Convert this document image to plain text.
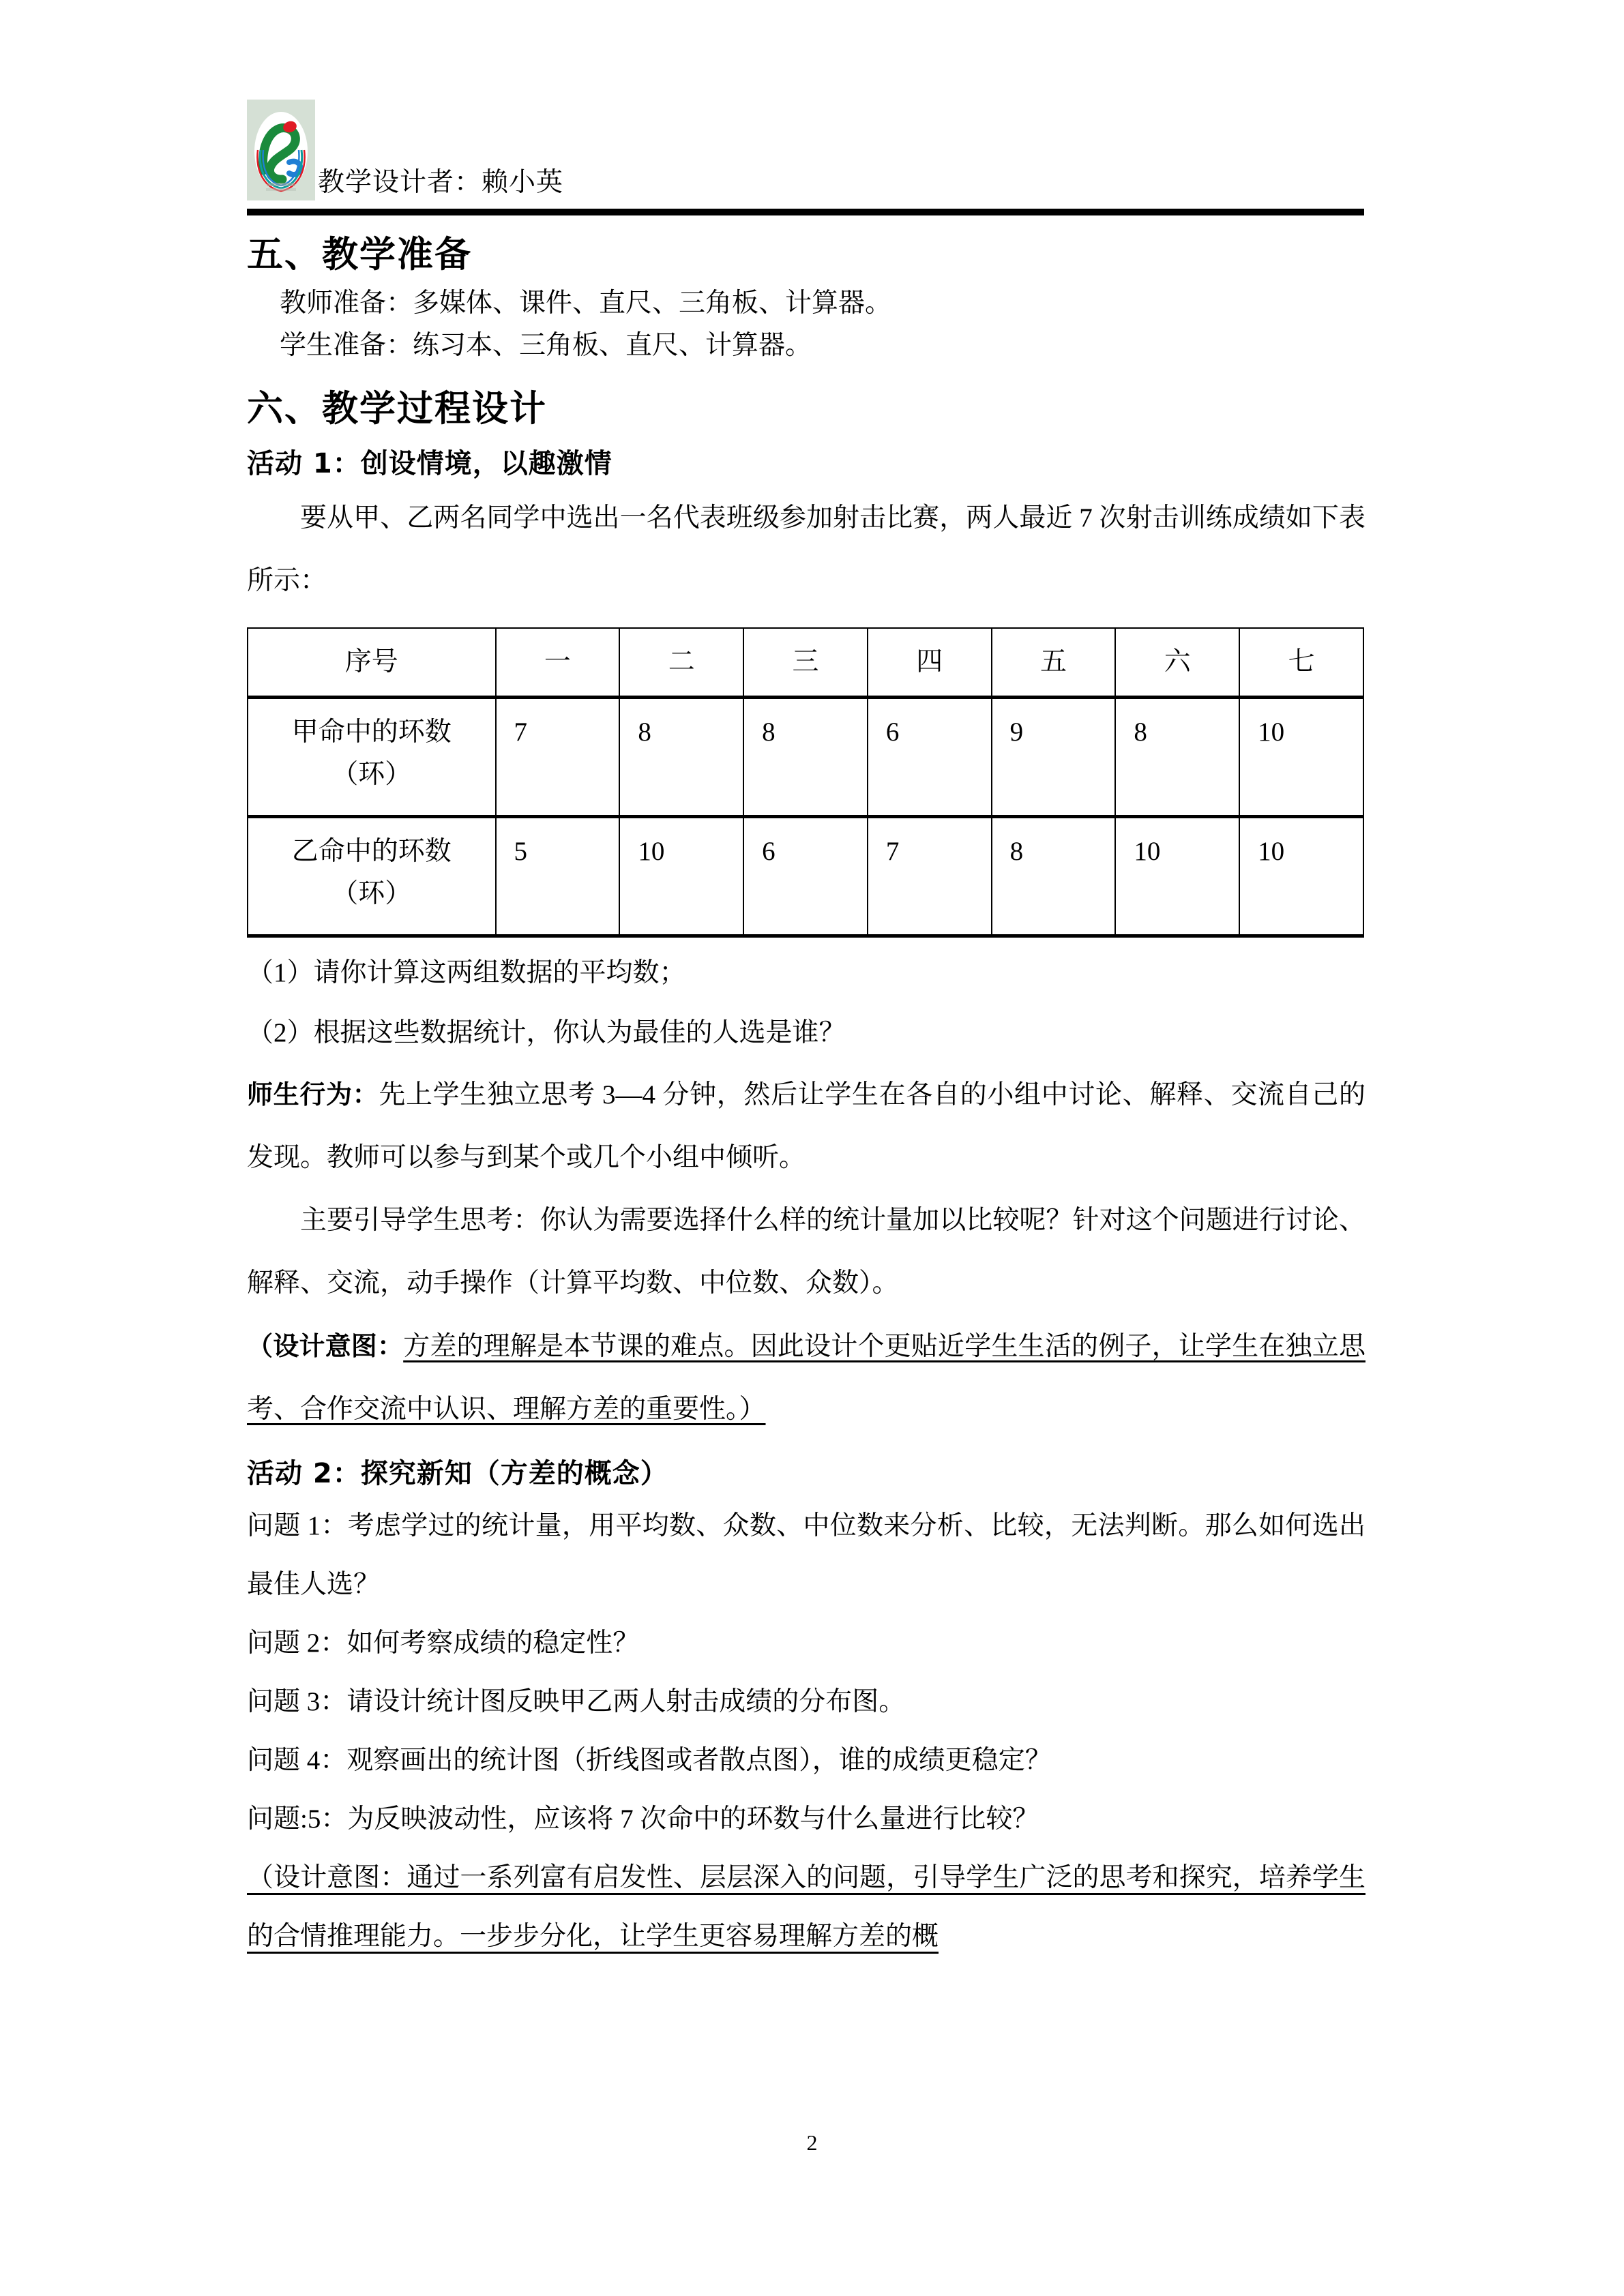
教学设计者：赖小英
五、教学准备

教师准备：多媒体、课件、直尺、三角板、计算器。

学生准备：练习本、三角板、直尺、计算器。

六、教学过程设计
活动 1：创设情境，以趣激情

要从甲、乙两名同学中选出一名代表班级参加射击比赛，两人最近 7 次射击训练成绩如下表所示：

序号	一	二	三	四	五	六	七

甲命中的环数
（环）	7	8	8	6	9	8	10

乙命中的环数
（环）	5	10	6	7	8	10	10

（1）请你计算这两组数据的平均数；

（2）根据这些数据统计，你认为最佳的人选是谁？

师生行为：先上学生独立思考 3—4 分钟，然后让学生在各自的小组中讨论、解释、交流自己的发现。教师可以参与到某个或几个小组中倾听。

主要引导学生思考：你认为需要选择什么样的统计量加以比较呢？针对这个问题进行讨论、解释、交流，动手操作（计算平均数、中位数、众数）。

（设计意图：方差的理解是本节课的难点。因此设计个更贴近学生生活的例子，让学生在独立思考、合作交流中认识、理解方差的重要性。）

活动 2：探究新知（方差的概念）

问题 1：考虑学过的统计量，用平均数、众数、中位数来分析、比较，无法判断。那么如何选出最佳人选？

问题 2：如何考察成绩的稳定性？

问题 3：请设计统计图反映甲乙两人射击成绩的分布图。

问题 4：观察画出的统计图（折线图或者散点图），谁的成绩更稳定？

问题:5：为反映波动性，应该将 7 次命中的环数与什么量进行比较？

（设计意图：通过一系列富有启发性、层层深入的问题，引导学生广泛的思考和探究，培养学生的合情推理能力。一步步分化，让学生更容易理解方差的概

2
